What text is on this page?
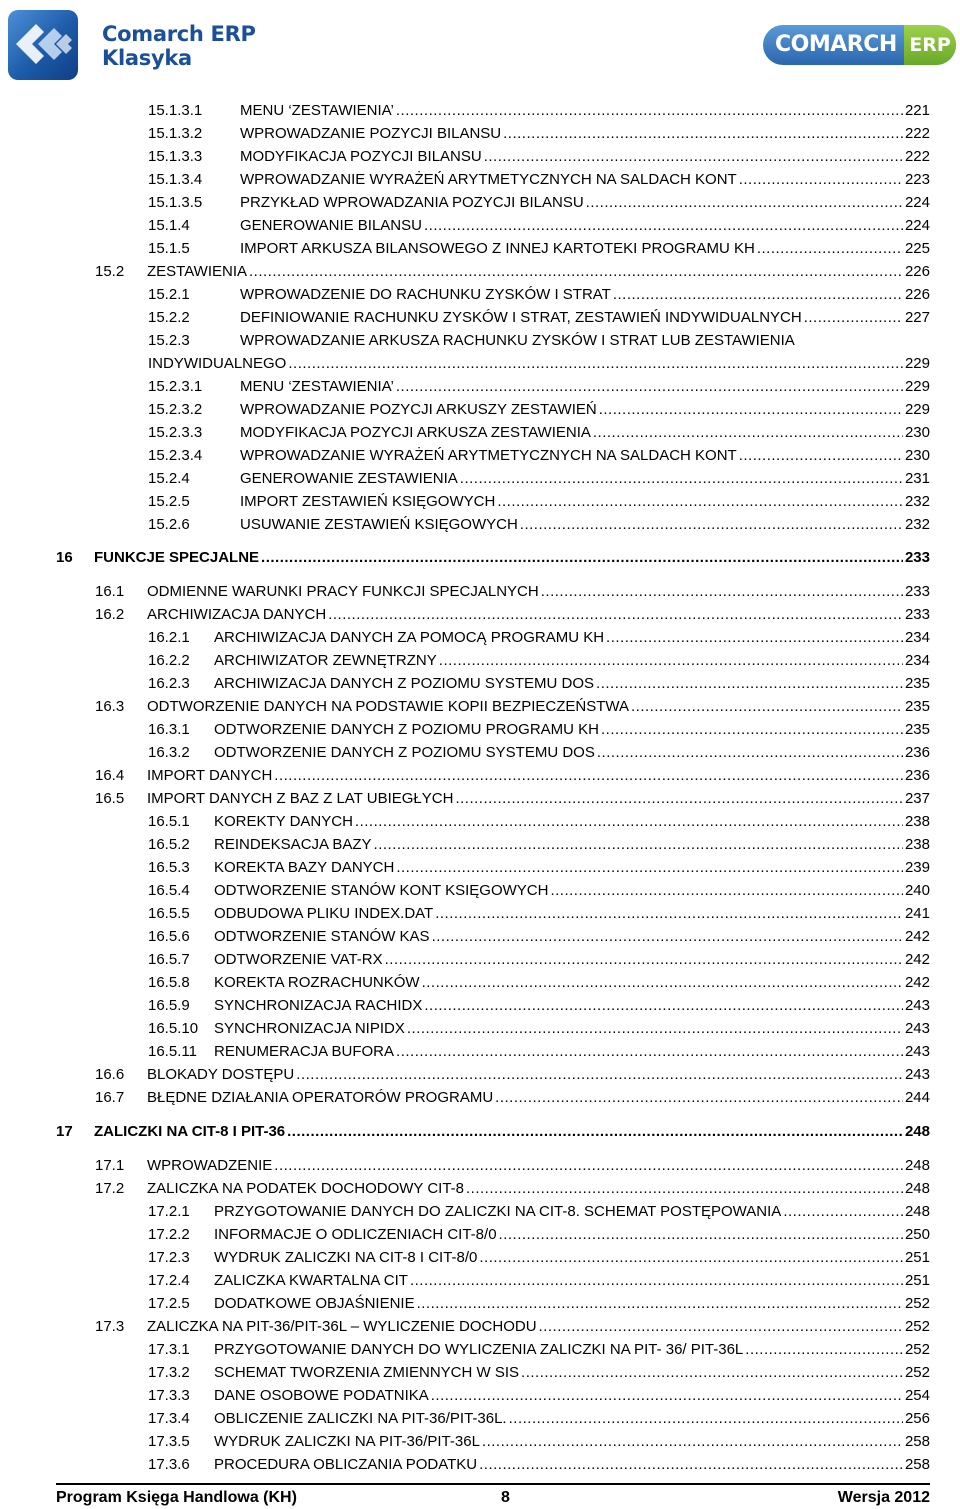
Comarch ERP
Klasyka
COMARCH ERP
15.1.3.1	MENU ‘ZESTAWIENIA’ .....	221
15.1.3.2	WPROWADZANIE POZYCJI BILANSU .....	222
15.1.3.3	MODYFIKACJA POZYCJI BILANSU .....	222
15.1.3.4	WPROWADZANIE WYRAŻEŃ ARYTMETYCZNYCH NA SALDACH KONT .....	223
15.1.3.5	PRZYKŁAD WPROWADZANIA POZYCJI BILANSU .....	224
15.1.4	GENEROWANIE BILANSU .....	224
15.1.5	IMPORT ARKUSZA BILANSOWEGO Z INNEJ KARTOTEKI PROGRAMU KH .....	225
15.2	ZESTAWIENIA .....	226
15.2.1	WPROWADZENIE DO RACHUNKU ZYSKÓW I STRAT .....	226
15.2.2	DEFINIOWANIE RACHUNKU ZYSKÓW I STRAT, ZESTAWIEŃ INDYWIDUALNYCH .....	227
15.2.3	WPROWADZANIE ARKUSZA RACHUNKU ZYSKÓW I STRAT LUB ZESTAWIENIA
INDYWIDUALNEGO .....	229
15.2.3.1	MENU ‘ZESTAWIENIA’ .....	229
15.2.3.2	WPROWADZANIE POZYCJI ARKUSZY ZESTAWIEŃ .....	229
15.2.3.3	MODYFIKACJA POZYCJI ARKUSZA ZESTAWIENIA .....	230
15.2.3.4	WPROWADZANIE WYRAŻEŃ ARYTMETYCZNYCH NA SALDACH KONT .....	230
15.2.4	GENEROWANIE ZESTAWIENIA .....	231
15.2.5	IMPORT ZESTAWIEŃ KSIĘGOWYCH .....	232
15.2.6	USUWANIE ZESTAWIEŃ KSIĘGOWYCH .....	232
16	FUNKCJE SPECJALNE .....	233
16.1	ODMIENNE WARUNKI PRACY FUNKCJI SPECJALNYCH .....	233
16.2	ARCHIWIZACJA DANYCH .....	233
16.2.1	ARCHIWIZACJA DANYCH ZA POMOCĄ PROGRAMU KH .....	234
16.2.2	ARCHIWIZATOR ZEWNĘTRZNY .....	234
16.2.3	ARCHIWIZACJA DANYCH Z POZIOMU SYSTEMU DOS .....	235
16.3	ODTWORZENIE DANYCH NA PODSTAWIE KOPII BEZPIECZEŃSTWA .....	235
16.3.1	ODTWORZENIE DANYCH Z POZIOMU PROGRAMU KH .....	235
16.3.2	ODTWORZENIE DANYCH Z POZIOMU SYSTEMU DOS .....	236
16.4	IMPORT DANYCH .....	236
16.5	IMPORT DANYCH Z BAZ Z LAT UBIEGŁYCH .....	237
16.5.1	KOREKTY DANYCH .....	238
16.5.2	REINDEKSACJA BAZY .....	238
16.5.3	KOREKTA BAZY DANYCH .....	239
16.5.4	ODTWORZENIE STANÓW KONT KSIĘGOWYCH .....	240
16.5.5	ODBUDOWA PLIKU INDEX.DAT .....	241
16.5.6	ODTWORZENIE STANÓW KAS .....	242
16.5.7	ODTWORZENIE VAT-RX .....	242
16.5.8	KOREKTA ROZRACHUNKÓW .....	242
16.5.9	SYNCHRONIZACJA RACHIDX .....	243
16.5.10	SYNCHRONIZACJA NIPIDX .....	243
16.5.11	RENUMERACJA BUFORA .....	243
16.6	BLOKADY DOSTĘPU .....	243
16.7	BŁĘDNE DZIAŁANIA OPERATORÓW PROGRAMU .....	244
17	ZALICZKI NA CIT-8 I PIT-36 .....	248
17.1	WPROWADZENIE .....	248
17.2	ZALICZKA NA PODATEK DOCHODOWY CIT-8 .....	248
17.2.1	PRZYGOTOWANIE DANYCH DO ZALICZKI NA CIT-8. SCHEMAT POSTĘPOWANIA .....	248
17.2.2	INFORMACJE O ODLICZENIACH CIT-8/0 .....	250
17.2.3	WYDRUK ZALICZKI NA CIT-8 I CIT-8/0 .....	251
17.2.4	ZALICZKA KWARTALNA CIT .....	251
17.2.5	DODATKOWE OBJAŚNIENIE .....	252
17.3	ZALICZKA NA PIT-36/PIT-36L – WYLICZENIE DOCHODU .....	252
17.3.1	PRZYGOTOWANIE DANYCH DO WYLICZENIA ZALICZKI NA PIT- 36/ PIT-36L .....	252
17.3.2	SCHEMAT TWORZENIA ZMIENNYCH W SIS .....	252
17.3.3	DANE OSOBOWE PODATNIKA .....	254
17.3.4	OBLICZENIE ZALICZKI NA PIT-36/PIT-36L. .....	256
17.3.5	WYDRUK ZALICZKI NA PIT-36/PIT-36L .....	258
17.3.6	PROCEDURA OBLICZANIA PODATKU .....	258
Program Księga Handlowa (KH)	8	Wersja 2012
